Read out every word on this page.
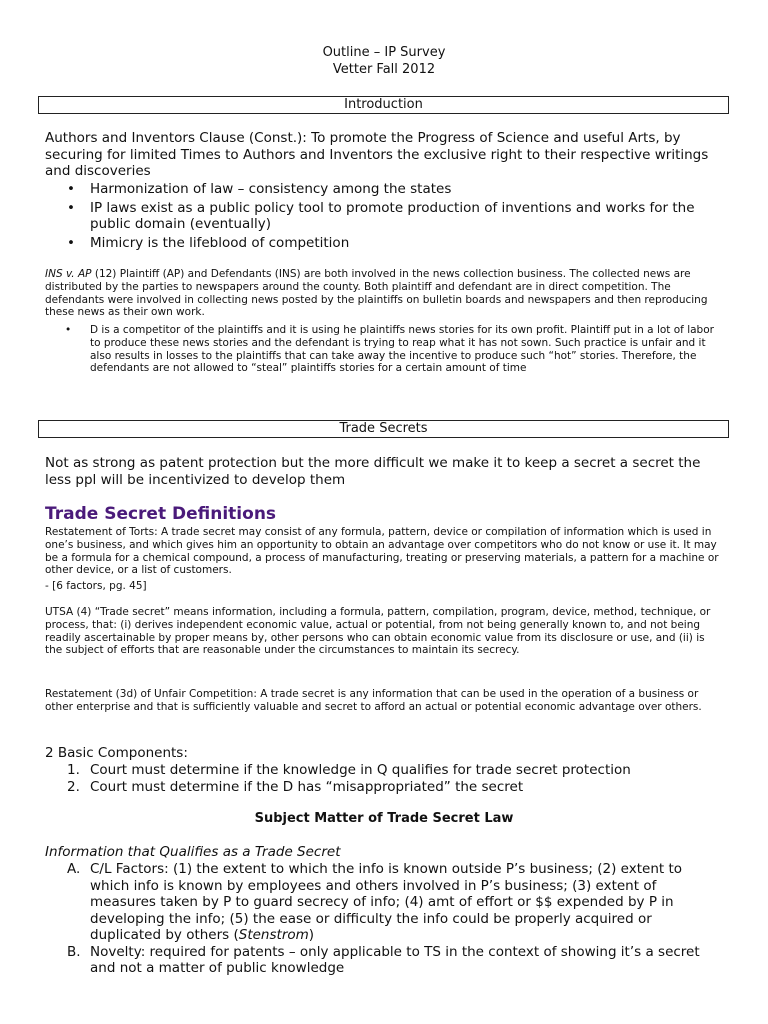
Outline – IP Survey
Vetter Fall 2012
Introduction
Authors and Inventors Clause (Const.): To promote the Progress of Science and useful Arts, by securing for limited Times to Authors and Inventors the exclusive right to their respective writings and discoveries
• Harmonization of law – consistency among the states
• IP laws exist as a public policy tool to promote production of inventions and works for the public domain (eventually)
• Mimicry is the lifeblood of competition
INS v. AP (12) Plaintiff (AP) and Defendants (INS) are both involved in the news collection business. The collected news are distributed by the parties to newspapers around the county. Both plaintiff and defendant are in direct competition. The defendants were involved in collecting news posted by the plaintiffs on bulletin boards and newspapers and then reproducing these news as their own work.
• D is a competitor of the plaintiffs and it is using he plaintiffs news stories for its own profit. Plaintiff put in a lot of labor to produce these news stories and the defendant is trying to reap what it has not sown. Such practice is unfair and it also results in losses to the plaintiffs that can take away the incentive to produce such “hot” stories. Therefore, the defendants are not allowed to “steal” plaintiffs stories for a certain amount of time
Trade Secrets
Not as strong as patent protection but the more difficult we make it to keep a secret a secret the less ppl will be incentivized to develop them
Trade Secret Definitions
Restatement of Torts: A trade secret may consist of any formula, pattern, device or compilation of information which is used in one’s business, and which gives him an opportunity to obtain an advantage over competitors who do not know or use it. It may be a formula for a chemical compound, a process of manufacturing, treating or preserving materials, a pattern for a machine or other device, or a list of customers.
- [6 factors, pg. 45]
UTSA (4) “Trade secret” means information, including a formula, pattern, compilation, program, device, method, technique, or process, that: (i) derives independent economic value, actual or potential, from not being generally known to, and not being readily ascertainable by proper means by, other persons who can obtain economic value from its disclosure or use, and (ii) is the subject of efforts that are reasonable under the circumstances to maintain its secrecy.
Restatement (3d) of Unfair Competition: A trade secret is any information that can be used in the operation of a business or other enterprise and that is sufficiently valuable and secret to afford an actual or potential economic advantage over others.
2 Basic Components:
1. Court must determine if the knowledge in Q qualifies for trade secret protection
2. Court must determine if the D has “misappropriated” the secret
Subject Matter of Trade Secret Law
Information that Qualifies as a Trade Secret
A. C/L Factors: (1) the extent to which the info is known outside P’s business; (2) extent to which info is known by employees and others involved in P’s business; (3) extent of measures taken by P to guard secrecy of info; (4) amt of effort or $$ expended by P in developing the info; (5) the ease or difficulty the info could be properly acquired or duplicated by others (Stenstrom)
B. Novelty: required for patents – only applicable to TS in the context of showing it’s a secret and not a matter of public knowledge
